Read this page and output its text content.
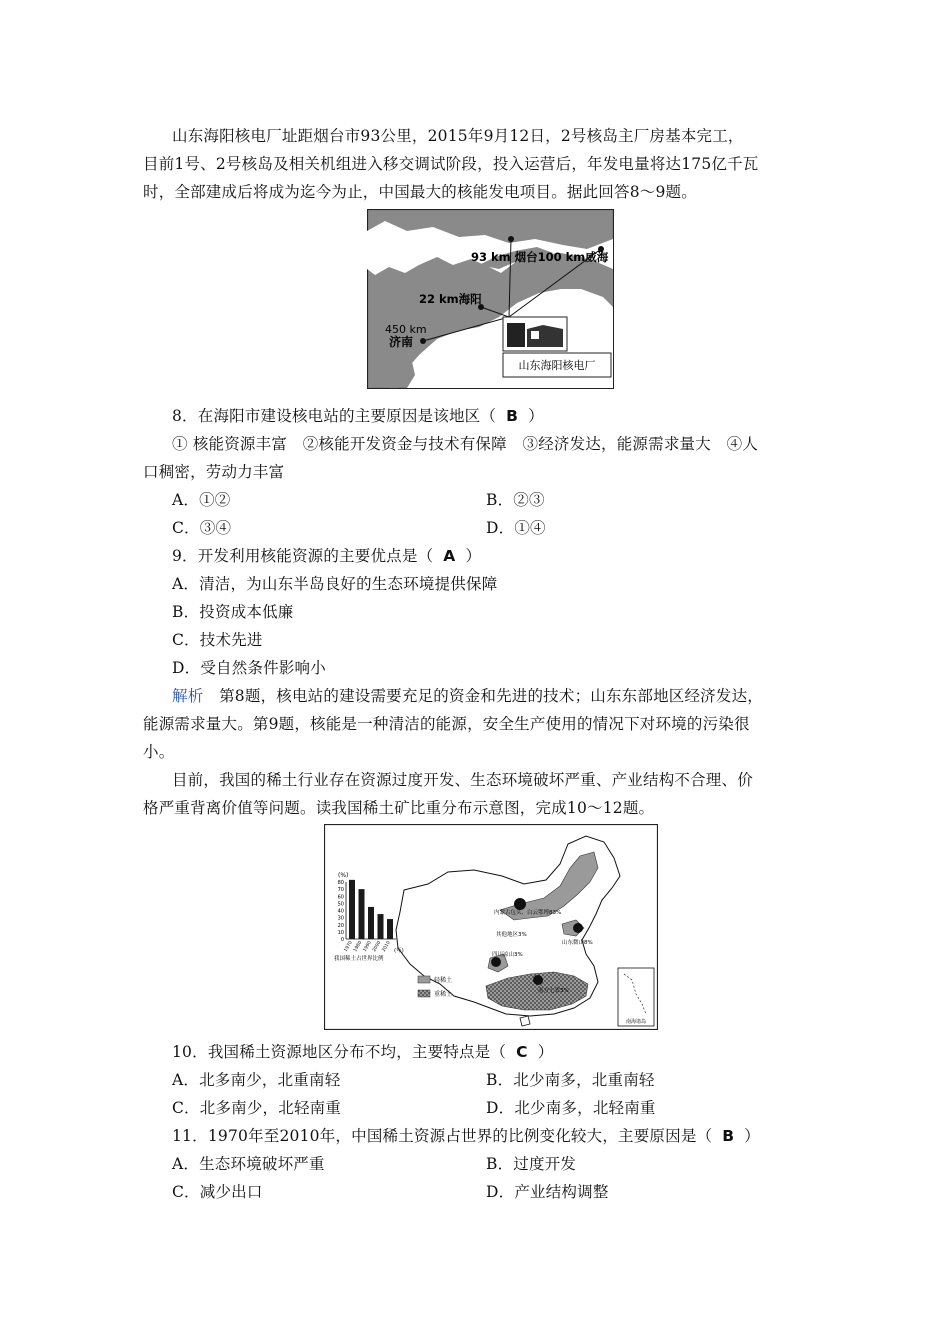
山东海阳核电厂址距烟台市93公里，2015年9月12日，2号核岛主厂房基本完工，
目前1号、2号核岛及相关机组进入移交调试阶段，投入运营后，年发电量将达175亿千瓦
时，全部建成后将成为迄今为止，中国最大的核能发电项目。据此回答8～9题。
山东海阳核电厂
93 km 烟台100 km威海
22 km海阳
450 km
济南
8．在海阳市建设核电站的主要原因是该地区（ B ）
① 核能资源丰富　②核能开发资金与技术有保障　③经济发达，能源需求量大　④人
口稠密，劳动力丰富
A．①②	B．②③
C．③④	D．①④
9．开发利用核能资源的主要优点是（ A ）
A．清洁，为山东半岛良好的生态环境提供保障
B．投资成本低廉
C．技术先进
D．受自然条件影响小
解析　第8题，核电站的建设需要充足的资金和先进的技术；山东东部地区经济发达，
能源需求量大。第9题，核能是一种清洁的能源，安全生产使用的情况下对环境的污染很
小。
目前，我国的稀土行业存在资源过度开发、生态环境破坏严重、产业结构不合理、价
格严重背离价值等问题。读我国稀土矿比重分布示意图，完成10～12题。
南海诸岛
(%)
80
70
60
50
40
30
20
10
0
1970 1980 1990 2000 2010 (年)
我国稀土占世界比例
内蒙古包头、白云鄂博83%
其他地区3%
山东微山8%
四川凉山3%
南方七省3%
轻稀土
重稀土
10．我国稀土资源地区分布不均，主要特点是（ C ）
A．北多南少，北重南轻	B．北少南多，北重南轻
C．北多南少，北轻南重	D．北少南多，北轻南重
11．1970年至2010年，中国稀土资源占世界的比例变化较大，主要原因是（ B ）
A．生态环境破坏严重	B．过度开发
C．减少出口	D．产业结构调整
